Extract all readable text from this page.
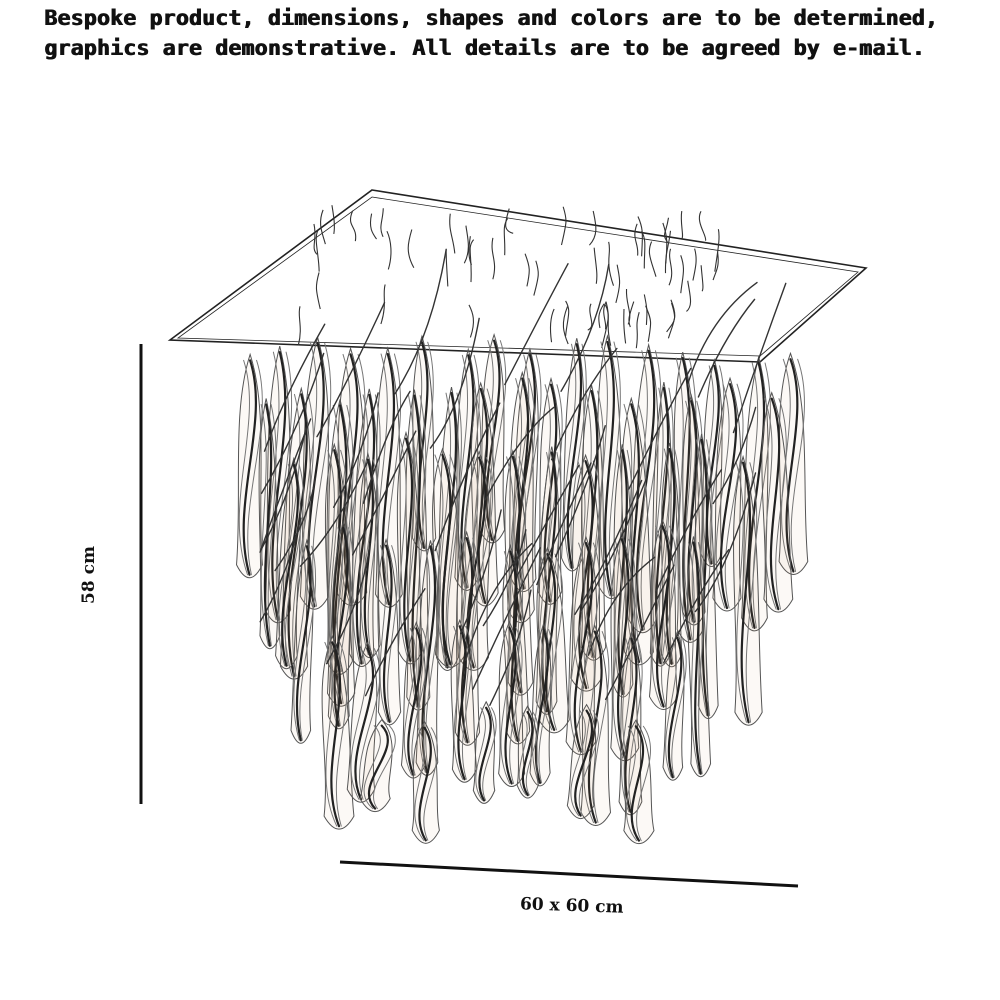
Bespoke product, dimensions, shapes and colors are to be determined, graphics are demonstrative. All details are to be agreed by e-mail.
58 cm
60 x 60 cm
